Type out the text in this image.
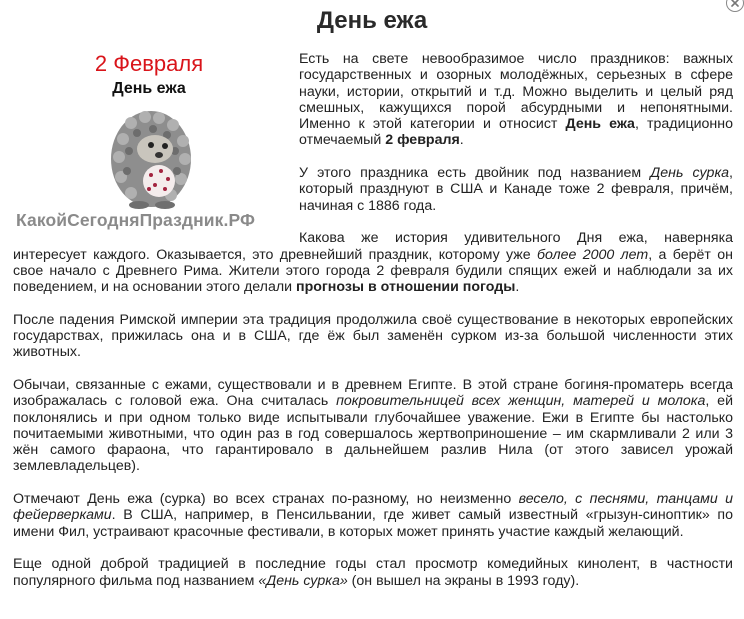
День ежа
2 Февраля
День ежа
КакойСегодняПраздник.РФ

Есть на свете невообразимое число праздников: важных государственных и озорных молодёжных, серьезных в сфере науки, истории, открытий и т.д. Можно выделить и целый ряд смешных, кажущихся порой абсурдными и непонятными. Именно к этой категории и относист День ежа, традиционно отмечаемый 2 февраля.

У этого праздника есть двойник под названием День сурка, который празднуют в США и Канаде тоже 2 февраля, причём, начиная с 1886 года.

Какова же история удивительного Дня ежа, наверняка интересует каждого. Оказывается, это древнейший праздник, которому уже более 2000 лет, а берёт он свое начало с Древнего Рима. Жители этого города 2 февраля будили спящих ежей и наблюдали за их поведением, и на основании этого делали прогнозы в отношении погоды.

После падения Римской империи эта традиция продолжила своё существование в некоторых европейских государствах, прижилась она и в США, где ёж был заменён сурком из-за большой численности этих животных.

Обычаи, связанные с ежами, существовали и в древнем Египте. В этой стране богиня-проматерь всегда изображалась с головой ежа. Она считалась покровительницей всех женщин, матерей и молока, ей поклонялись и при одном только виде испытывали глубочайшее уважение. Ежи в Египте бы настолько почитаемыми животными, что один раз в год совершалось жертвоприношение – им скармливали 2 или 3 жён самого фараона, что гарантировало в дальнейшем разлив Нила (от этого зависел урожай землевладельцев).

Отмечают День ежа (сурка) во всех странах по-разному, но неизменно весело, с песнями, танцами и фейерверками. В США, например, в Пенсильвании, где живет самый известный «грызун-синоптик» по имени Фил, устраивают красочные фестивали, в которых может принять участие каждый желающий.

Еще одной доброй традицией в последние годы стал просмотр комедийных кинолент, в частности популярного фильма под названием «День сурка» (он вышел на экраны в 1993 году).
